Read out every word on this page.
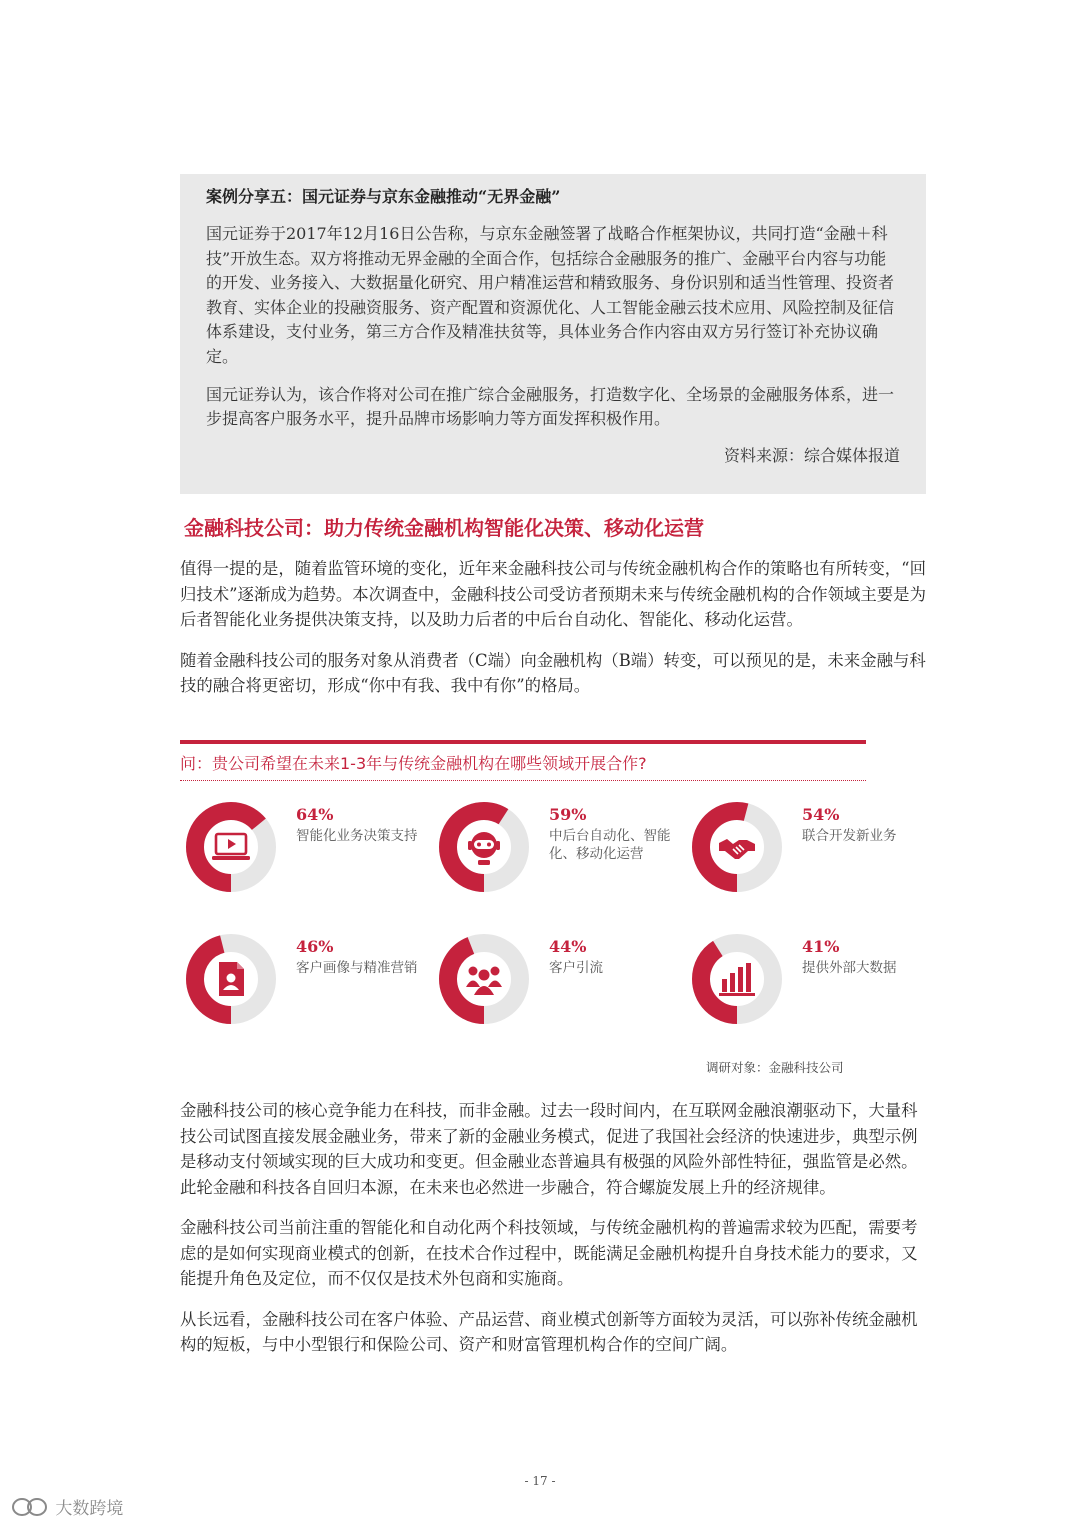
案例分享五：国元证券与京东金融推动“无界金融”

国元证券于2017年12月16日公告称，与京东金融签署了战略合作框架协议，共同打造“金融＋科技”开放生态。双方将推动无界金融的全面合作，包括综合金融服务的推广、金融平台内容与功能的开发、业务接入、大数据量化研究、用户精准运营和精致服务、身份识别和适当性管理、投资者教育、实体企业的投融资服务、资产配置和资源优化、人工智能金融云技术应用、风险控制及征信体系建设，支付业务，第三方合作及精准扶贫等，具体业务合作内容由双方另行签订补充协议确定。

国元证券认为，该合作将对公司在推广综合金融服务，打造数字化、全场景的金融服务体系，进一步提高客户服务水平，提升品牌市场影响力等方面发挥积极作用。

资料来源：综合媒体报道

金融科技公司：助力传统金融机构智能化决策、移动化运营

值得一提的是，随着监管环境的变化，近年来金融科技公司与传统金融机构合作的策略也有所转变，“回归技术”逐渐成为趋势。本次调查中，金融科技公司受访者预期未来与传统金融机构的合作领域主要是为后者智能化业务提供决策支持，以及助力后者的中后台自动化、智能化、移动化运营。

随着金融科技公司的服务对象从消费者（C端）向金融机构（B端）转变，可以预见的是，未来金融与科技的融合将更密切，形成“你中有我、我中有你”的格局。

问：贵公司希望在未来1-3年与传统金融机构在哪些领域开展合作?
64%
智能化业务决策支持
59%
中后台自动化、智能化、移动化运营
54%
联合开发新业务
46%
客户画像与精准营销
44%
客户引流
41%
提供外部大数据
调研对象：金融科技公司

金融科技公司的核心竞争能力在科技，而非金融。过去一段时间内，在互联网金融浪潮驱动下，大量科技公司试图直接发展金融业务，带来了新的金融业务模式，促进了我国社会经济的快速进步，典型示例是移动支付领域实现的巨大成功和变更。但金融业态普遍具有极强的风险外部性特征，强监管是必然。此轮金融和科技各自回归本源，在未来也必然进一步融合，符合螺旋发展上升的经济规律。

金融科技公司当前注重的智能化和自动化两个科技领域，与传统金融机构的普遍需求较为匹配，需要考虑的是如何实现商业模式的创新，在技术合作过程中，既能满足金融机构提升自身技术能力的要求，又能提升角色及定位，而不仅仅是技术外包商和实施商。

从长远看，金融科技公司在客户体验、产品运营、商业模式创新等方面较为灵活，可以弥补传统金融机构的短板，与中小型银行和保险公司、资产和财富管理机构合作的空间广阔。

- 17 -
大数跨境
